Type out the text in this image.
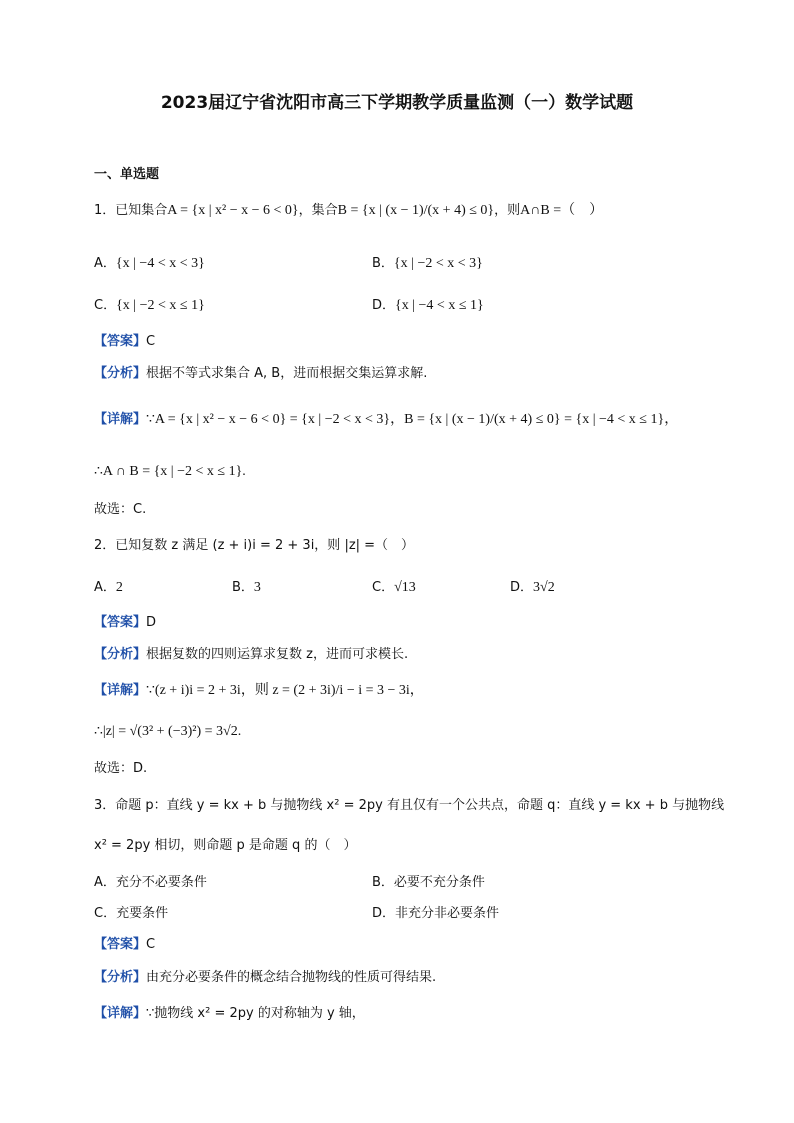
2023届辽宁省沈阳市高三下学期教学质量监测（一）数学试题
一、单选题
1．已知集合A = {x | x² − x − 6 < 0}，集合B = {x | (x − 1)/(x + 4) ≤ 0}，则A∩B =（　）
A．{x | −4 < x < 3}	B．{x | −2 < x < 3}
C．{x | −2 < x ≤ 1}	D．{x | −4 < x ≤ 1}
【答案】C
【分析】根据不等式求集合 A, B，进而根据交集运算求解.
【详解】∵A = {x | x² − x − 6 < 0} = {x | −2 < x < 3}，B = {x | (x − 1)/(x + 4) ≤ 0} = {x | −4 < x ≤ 1}，
∴A ∩ B = {x | −2 < x ≤ 1}.
故选：C.
2．已知复数 z 满足 (z + i)i = 2 + 3i，则 |z| =（　）
A．2	B．3	C．√13	D．3√2
【答案】D
【分析】根据复数的四则运算求复数 z，进而可求模长.
【详解】∵(z + i)i = 2 + 3i，则 z = (2 + 3i)/i − i = 3 − 3i，
∴|z| = √(3² + (−3)²) = 3√2.
故选：D.
3．命题 p：直线 y = kx + b 与抛物线 x² = 2py 有且仅有一个公共点，命题 q：直线 y = kx + b 与抛物线
x² = 2py 相切，则命题 p 是命题 q 的（　）
A．充分不必要条件	B．必要不充分条件
C．充要条件	D．非充分非必要条件
【答案】C
【分析】由充分必要条件的概念结合抛物线的性质可得结果.
【详解】∵抛物线 x² = 2py 的对称轴为 y 轴，
